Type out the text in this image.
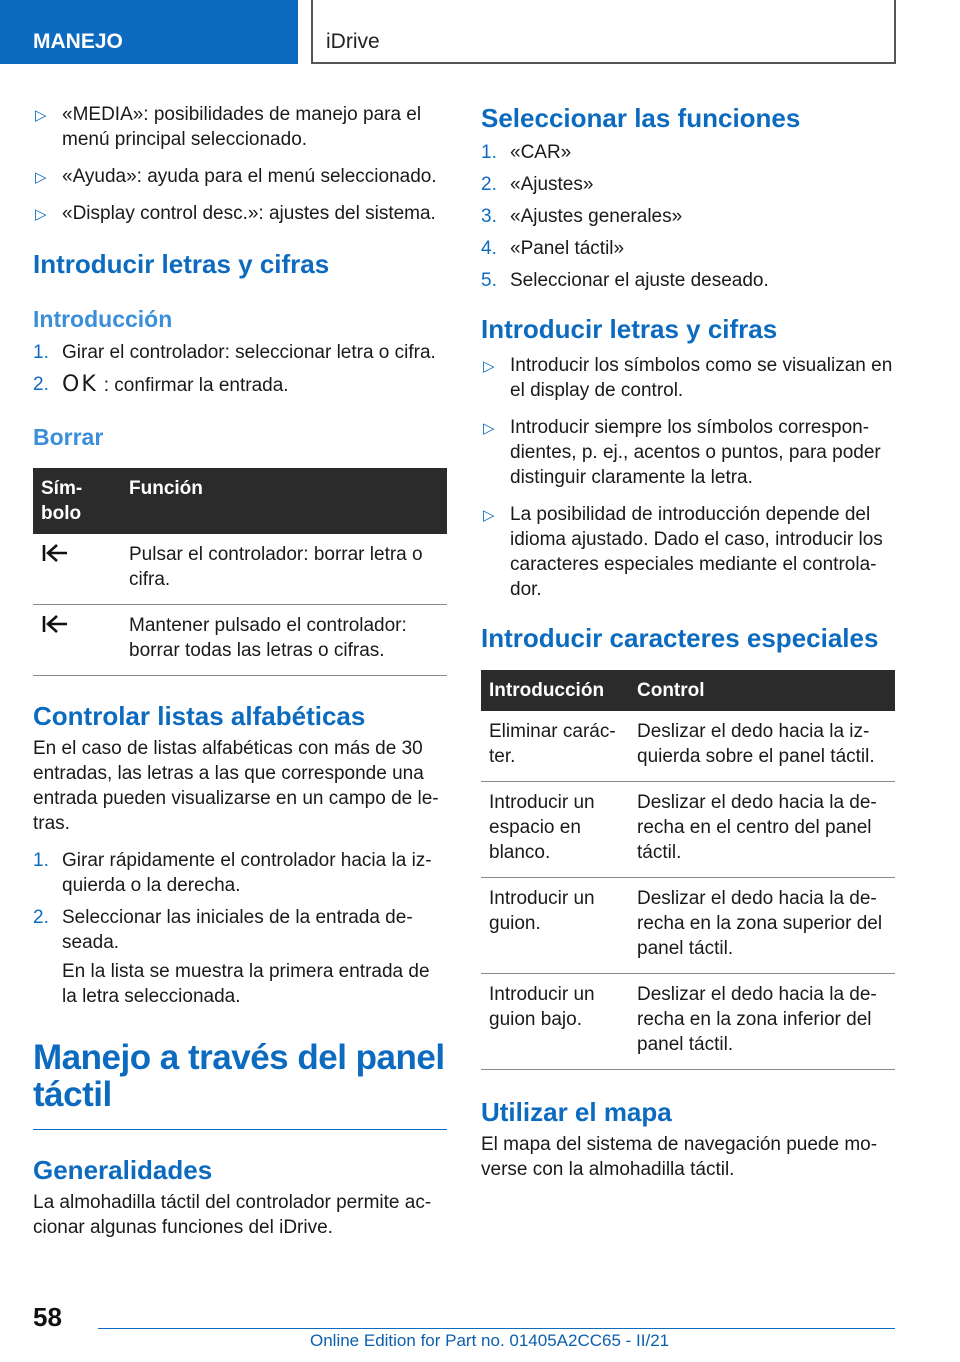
MANEJO	iDrive
▷ «MEDIA»: posibilidades de manejo para el menú principal seleccionado.
▷ «Ayuda»: ayuda para el menú seleccionado.
▷ «Display control desc.»: ajustes del sistema.
Introducir letras y cifras
Introducción
1. Girar el controlador: seleccionar letra o cifra.
2. OK : confirmar la entrada.
Borrar
Sím-
bolo	Función
	Pulsar el controlador: borrar letra o cifra.
	Mantener pulsado el controlador: borrar todas las letras o cifras.
Controlar listas alfabéticas

En el caso de listas alfabéticas con más de 30 entradas, las letras a las que corresponde una entrada pueden visualizarse en un campo de le-tras.

1. Girar rápidamente el controlador hacia la iz-quierda o la derecha.
2. Seleccionar las iniciales de la entrada de-seada.

En la lista se muestra la primera entrada de la letra seleccionada.

Manejo a través del panel táctil
Generalidades

La almohadilla táctil del controlador permite ac-cionar algunas funciones del iDrive.

Seleccionar las funciones
1. «CAR»
2. «Ajustes»
3. «Ajustes generales»
4. «Panel táctil»
5. Seleccionar el ajuste deseado.
Introducir letras y cifras
▷ Introducir los símbolos como se visualizan en el display de control.
▷ Introducir siempre los símbolos correspon-dientes, p. ej., acentos o puntos, para poder distinguir claramente la letra.
▷ La posibilidad de introducción depende del idioma ajustado. Dado el caso, introducir los caracteres especiales mediante el controla-dor.
Introducir caracteres especiales
Introducción	Control
Eliminar carác-ter.	Deslizar el dedo hacia la iz-quierda sobre el panel táctil.
Introducir un espacio en blanco.	Deslizar el dedo hacia la de-recha en el centro del panel táctil.
Introducir un guion.	Deslizar el dedo hacia la de-recha en la zona superior del panel táctil.
Introducir un guion bajo.	Deslizar el dedo hacia la de-recha en la zona inferior del panel táctil.
Utilizar el mapa

El mapa del sistema de navegación puede mo-verse con la almohadilla táctil.

58
Online Edition for Part no. 01405A2CC65 - II/21
